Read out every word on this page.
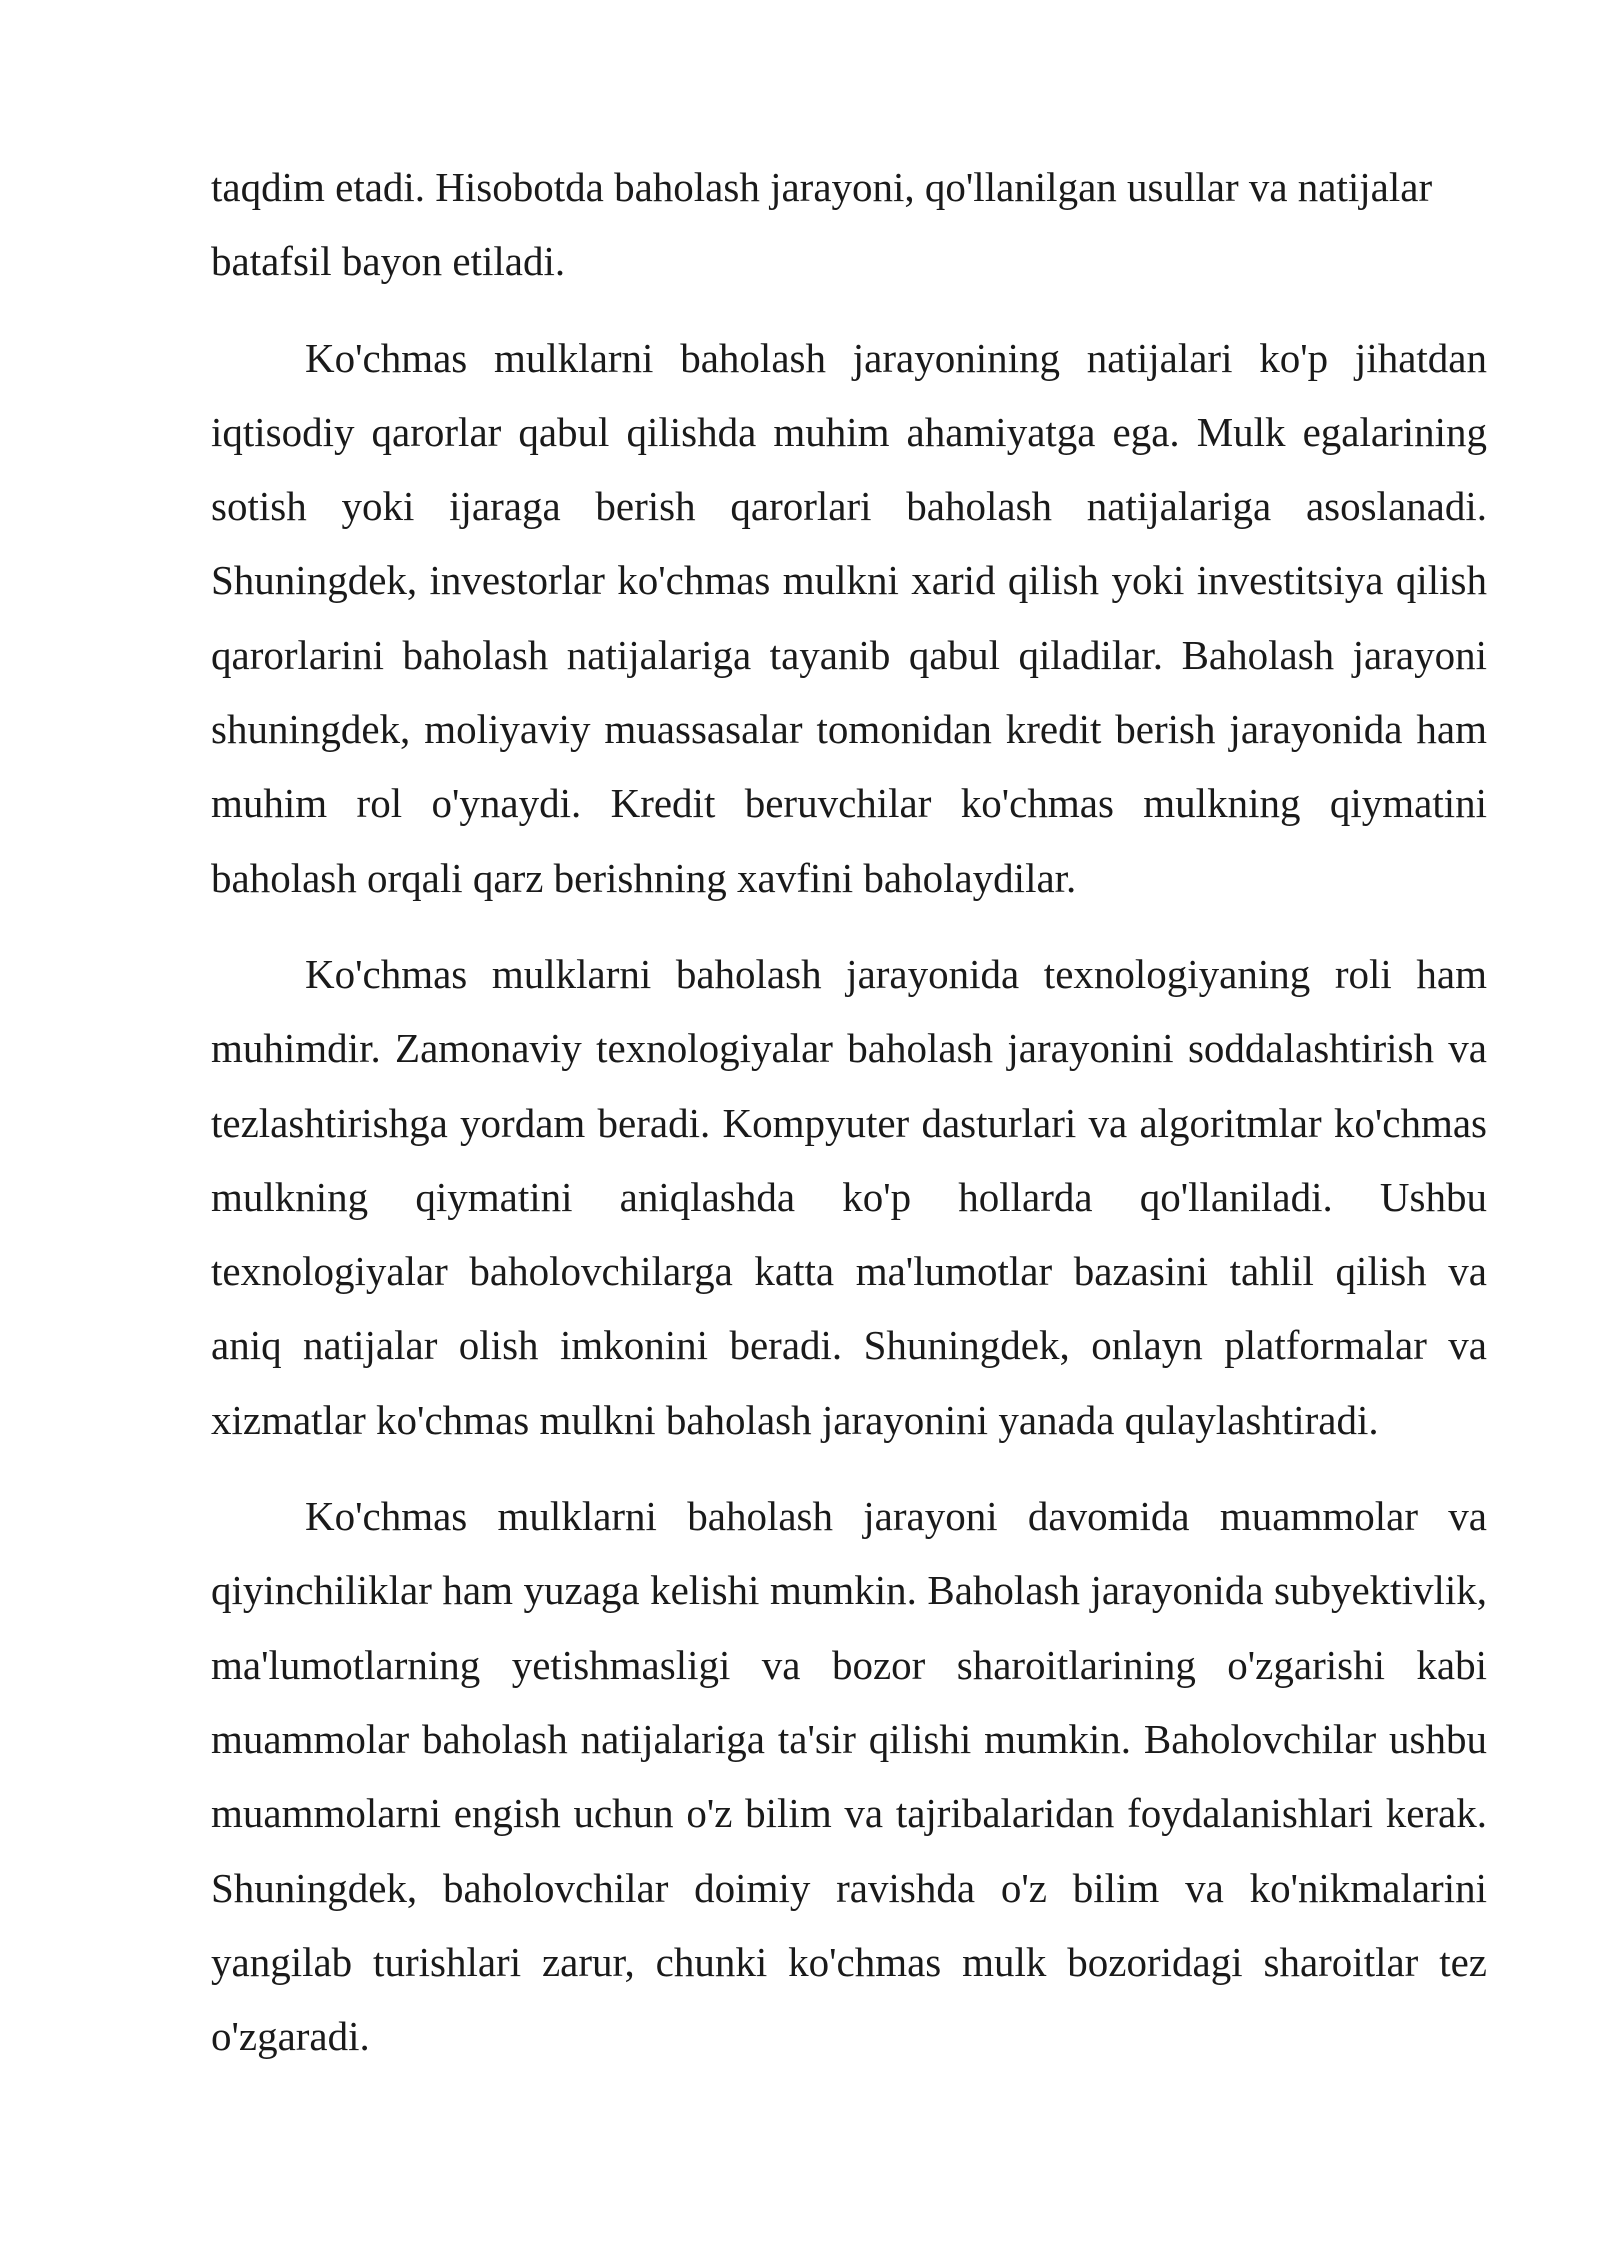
taqdim etadi. Hisobotda baholash jarayoni, qo'llanilgan usullar va natijalar batafsil bayon etiladi.

Ko'chmas mulklarni baholash jarayonining natijalari ko'p jihatdan iqtisodiy qarorlar qabul qilishda muhim ahamiyatga ega. Mulk egalarining sotish yoki ijaraga berish qarorlari baholash natijalariga asoslanadi. Shuningdek, investorlar ko'chmas mulkni xarid qilish yoki investitsiya qilish qarorlarini baholash natijalariga tayanib qabul qiladilar. Baholash jarayoni shuningdek, moliyaviy muassasalar tomonidan kredit berish jarayonida ham muhim rol o'ynaydi. Kredit beruvchilar ko'chmas mulkning qiymatini baholash orqali qarz berishning xavfini baholaydilar.

Ko'chmas mulklarni baholash jarayonida texnologiyaning roli ham muhimdir. Zamonaviy texnologiyalar baholash jarayonini soddalashtirish va tezlashtirishga yordam beradi. Kompyuter dasturlari va algoritmlar ko'chmas mulkning qiymatini aniqlashda ko'p hollarda qo'llaniladi. Ushbu texnologiyalar baholovchilarga katta ma'lumotlar bazasini tahlil qilish va aniq natijalar olish imkonini beradi. Shuningdek, onlayn platformalar va xizmatlar ko'chmas mulkni baholash jarayonini yanada qulaylashtiradi.

Ko'chmas mulklarni baholash jarayoni davomida muammolar va qiyinchiliklar ham yuzaga kelishi mumkin. Baholash jarayonida subyektivlik, ma'lumotlarning yetishmasligi va bozor sharoitlarining o'zgarishi kabi muammolar baholash natijalariga ta'sir qilishi mumkin. Baholovchilar ushbu muammolarni engish uchun o'z bilim va tajribalaridan foydalanishlari kerak. Shuningdek, baholovchilar doimiy ravishda o'z bilim va ko'nikmalarini yangilab turishlari zarur, chunki ko'chmas mulk bozoridagi sharoitlar tez o'zgaradi.
